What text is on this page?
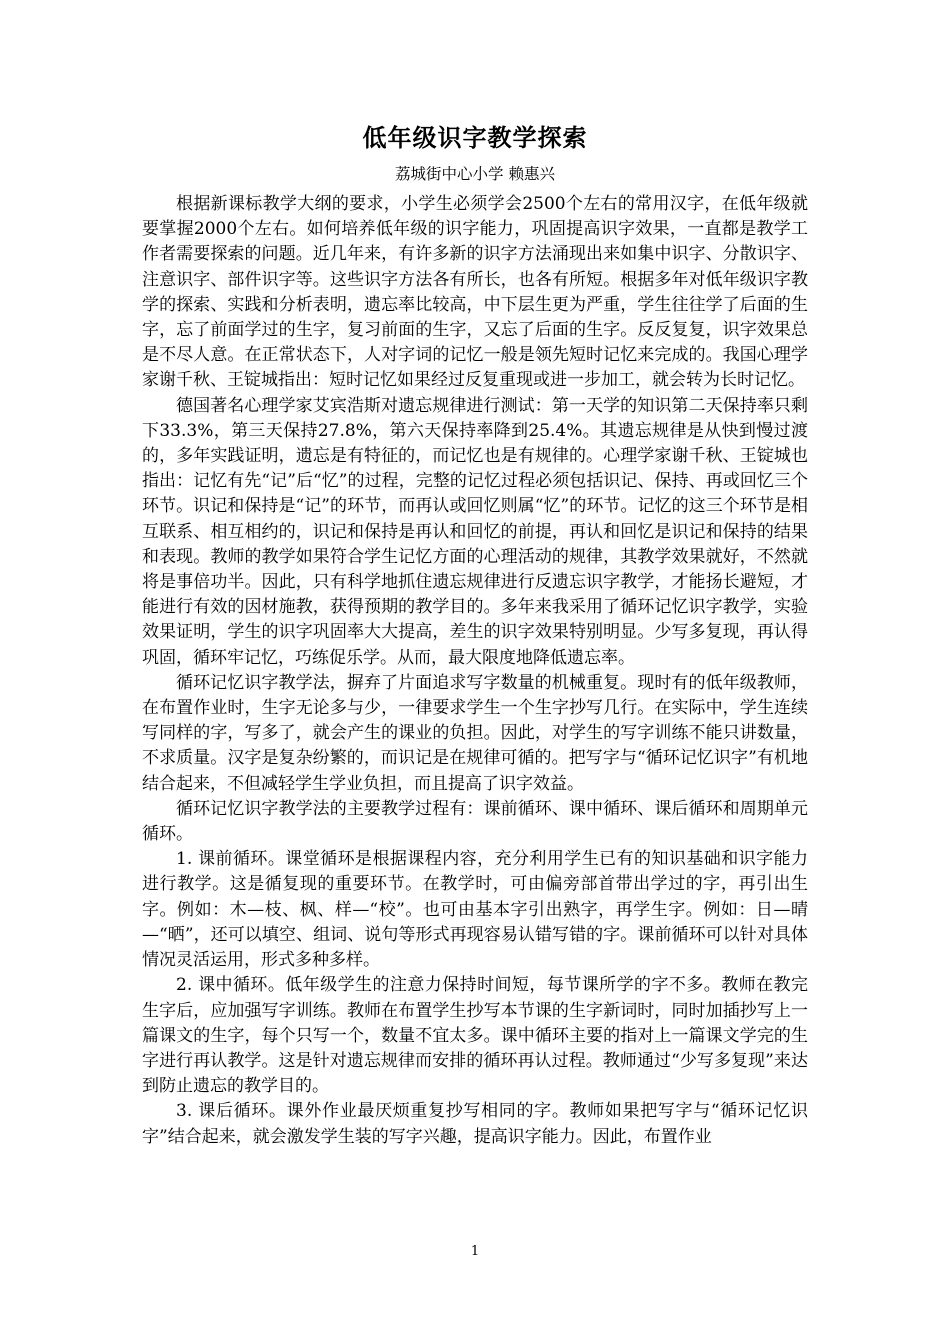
低年级识字教学探索
荔城街中心小学 赖惠兴

根据新课标教学大纲的要求，小学生必须学会2500个左右的常用汉字，在低年级就要掌握2000个左右。如何培养低年级的识字能力，巩固提高识字效果，一直都是教学工作者需要探索的问题。近几年来，有许多新的识字方法涌现出来如集中识字、分散识字、注意识字、部件识字等。这些识字方法各有所长，也各有所短。根据多年对低年级识字教学的探索、实践和分析表明，遗忘率比较高，中下层生更为严重，学生往往学了后面的生字，忘了前面学过的生字，复习前面的生字，又忘了后面的生字。反反复复，识字效果总是不尽人意。在正常状态下，人对字词的记忆一般是领先短时记忆来完成的。我国心理学家谢千秋、王锭城指出：短时记忆如果经过反复重现或进一步加工，就会转为长时记忆。

德国著名心理学家艾宾浩斯对遗忘规律进行测试：第一天学的知识第二天保持率只剩下33.3%，第三天保持27.8%，第六天保持率降到25.4%。其遗忘规律是从快到慢过渡的，多年实践证明，遗忘是有特征的，而记忆也是有规律的。心理学家谢千秋、王锭城也指出：记忆有先“记”后“忆”的过程，完整的记忆过程必须包括识记、保持、再或回忆三个环节。识记和保持是“记”的环节，而再认或回忆则属“忆”的环节。记忆的这三个环节是相互联系、相互相约的，识记和保持是再认和回忆的前提，再认和回忆是识记和保持的结果和表现。教师的教学如果符合学生记忆方面的心理活动的规律，其教学效果就好，不然就将是事倍功半。因此，只有科学地抓住遗忘规律进行反遗忘识字教学，才能扬长避短，才能进行有效的因材施教，获得预期的教学目的。多年来我采用了循环记忆识字教学，实验效果证明，学生的识字巩固率大大提高，差生的识字效果特别明显。少写多复现，再认得巩固，循环牢记忆，巧练促乐学。从而，最大限度地降低遗忘率。

循环记忆识字教学法，摒弃了片面追求写字数量的机械重复。现时有的低年级教师，在布置作业时，生字无论多与少，一律要求学生一个生字抄写几行。在实际中，学生连续写同样的字，写多了，就会产生的课业的负担。因此，对学生的写字训练不能只讲数量，不求质量。汉字是复杂纷繁的，而识记是在规律可循的。把写字与“循环记忆识字”有机地结合起来，不但减轻学生学业负担，而且提高了识字效益。

循环记忆识字教学法的主要教学过程有：课前循环、课中循环、课后循环和周期单元循环。

1. 课前循环。课堂循环是根据课程内容，充分利用学生已有的知识基础和识字能力进行教学。这是循复现的重要环节。在教学时，可由偏旁部首带出学过的字，再引出生字。例如：木—枝、枫、样—“校”。也可由基本字引出熟字，再学生字。例如：日—晴—“晒”，还可以填空、组词、说句等形式再现容易认错写错的字。课前循环可以针对具体情况灵活运用，形式多种多样。

2. 课中循环。低年级学生的注意力保持时间短，每节课所学的字不多。教师在教完生字后，应加强写字训练。教师在布置学生抄写本节课的生字新词时，同时加插抄写上一篇课文的生字，每个只写一个，数量不宜太多。课中循环主要的指对上一篇课文学完的生字进行再认教学。这是针对遗忘规律而安排的循环再认过程。教师通过“少写多复现”来达到防止遗忘的教学目的。

3. 课后循环。课外作业最厌烦重复抄写相同的字。教师如果把写字与“循环记忆识字”结合起来，就会激发学生装的写字兴趣，提高识字能力。因此，布置作业

1
